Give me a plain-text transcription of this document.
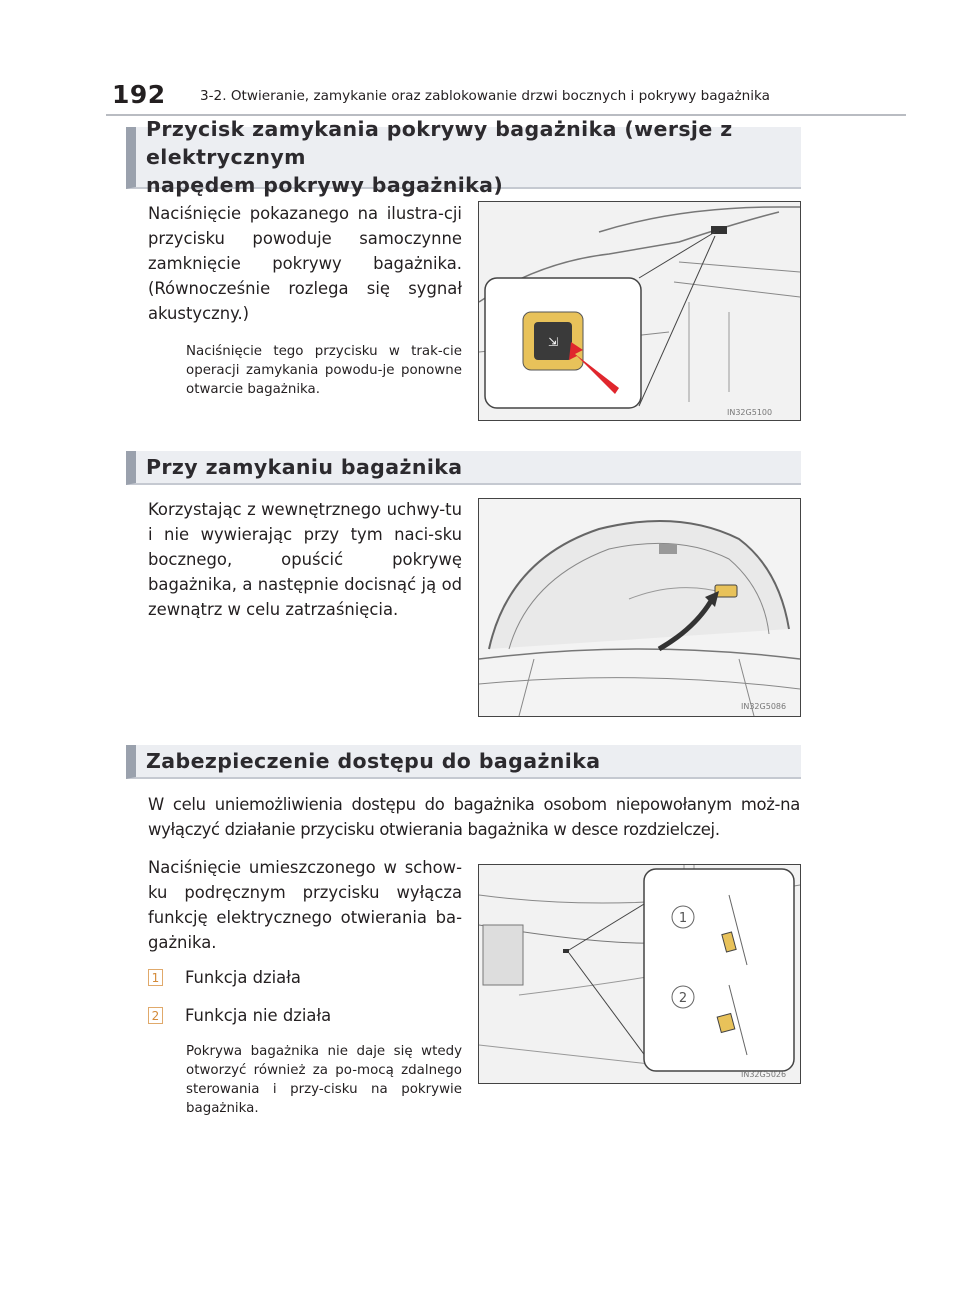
192	3-2. Otwieranie, zamykanie oraz zablokowanie drzwi bocznych i pokrywy bagażnika
Przycisk zamykania pokrywy bagażnika (wersje z elektrycznym
napędem pokrywy bagażnika)

Naciśnięcie pokazanego na ilustra-cji przycisku powoduje samoczynne zamknięcie pokrywy bagażnika. (Równocześnie rozlega się sygnał akustyczny.)

Naciśnięcie tego przycisku w trak-cie operacji zamykania powodu-je ponowne otwarcie bagażnika.

⇲
IN32G5100
Przy zamykaniu bagażnika

Korzystając z wewnętrznego uchwy-tu i nie wywierając przy tym naci-sku bocznego, opuścić pokrywę bagażnika, a następnie docisnąć ją od zewnątrz w celu zatrzaśnięcia.

IN32G5086
Zabezpieczenie dostępu do bagażnika

W celu uniemożliwienia dostępu do bagażnika osobom niepowołanym moż-na wyłączyć działanie przycisku otwierania bagażnika w desce rozdzielczej.

Naciśnięcie umieszczonego w schow-ku podręcznym przycisku wyłącza funkcję elektrycznego otwierania ba-gażnika.

1 Funkcja działa
2 Funkcja nie działa

Pokrywa bagażnika nie daje się wtedy otworzyć również za po-mocą zdalnego sterowania i przy-cisku na pokrywie bagażnika.

1
2
IN32G5026
